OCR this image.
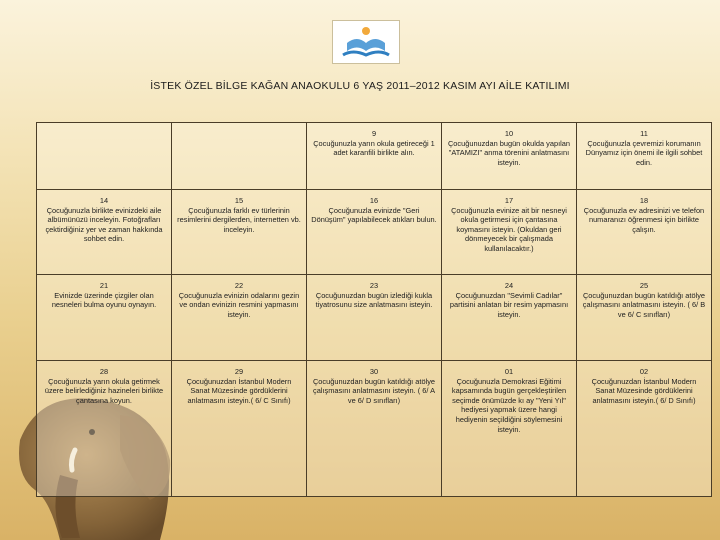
İSTEK ÖZEL BİLGE KAĞAN ANAOKULU 6 YAŞ 2011–2012 KASIM AYI AİLE KATILIMI

		9
Çocuğunuzla yarın okula getireceği 1 adet karanfili birlikte alın.	10
Çocuğunuzdan bugün okulda yapılan "ATAMIZI" anma törenini anlatmasını isteyin.	11
Çocuğunuzla çevremizi korumanın Dünyamız için önemi ile ilgili sohbet edin.

14
Çocuğunuzla birlikte evinizdeki aile albümünüzü inceleyin. Fotoğrafları çektirdiğiniz yer ve zaman hakkında sohbet edin.	15
Çocuğunuzla farklı ev türlerinin resimlerini dergilerden, internetten vb. inceleyin.	16
Çocuğunuzla evinizde "Geri Dönüşüm" yapılabilecek atıkları bulun.	17
Çocuğunuzla evinize ait bir nesneyi okula getirmesi için çantasına koymasını isteyin. (Okuldan geri dönmeyecek bir çalışmada kullanılacaktır.)	18
Çocuğunuzla ev adresinizi ve telefon numaranızı öğrenmesi için birlikte çalışın.

21
Evinizde üzerinde çizgiler olan nesneleri bulma oyunu oynayın.	22
Çocuğunuzla evinizin odalarını gezin ve ondan evinizin resmini yapmasını isteyin.	23
Çocuğunuzdan bugün izlediği kukla tiyatrosunu size anlatmasını isteyin.	24
Çocuğunuzdan "Sevimli Cadılar" partisini anlatan bir resim yapmasını isteyin.	25
Çocuğunuzdan bugün katıldığı atölye çalışmasını anlatmasını isteyin. ( 6/ B ve 6/ C sınıfları)

28
Çocuğunuzla yarın okula getirmek üzere belirlediğiniz hazineleri birlikte çantasına koyun.	29
Çocuğunuzdan İstanbul Modern Sanat Müzesinde gördüklerini anlatmasını isteyin.( 6/ C Sınıfı)	30
Çocuğunuzdan bugün katıldığı atölye çalışmasını anlatmasını isteyin. ( 6/ A ve 6/ D sınıfları)	01
Çocuğunuzla Demokrasi Eğitimi kapsamında bugün gerçekleştirilen seçimde önümüzde kı ay "Yeni Yıl" hediyesi yapmak üzere hangi hediyenin seçildiğini söylemesini isteyin.	02
Çocuğunuzdan İstanbul Modern Sanat Müzesinde gördüklerini anlatmasını isteyin.( 6/ D Sınıfı)
